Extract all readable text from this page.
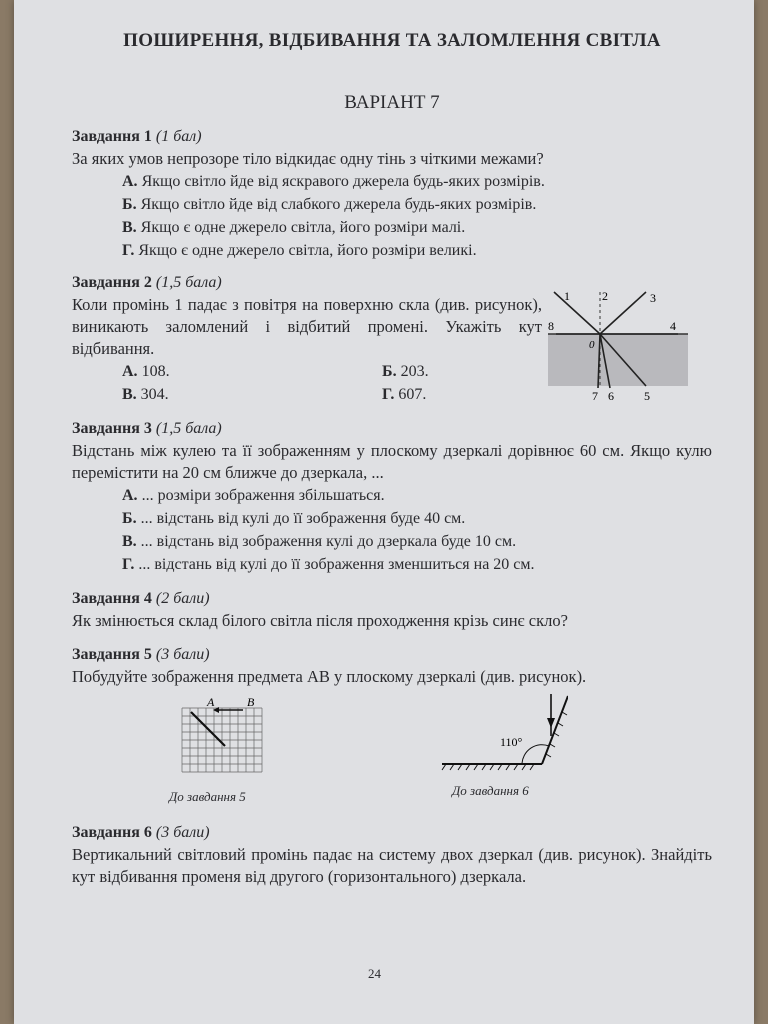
ПОШИРЕННЯ, ВІДБИВАННЯ ТА ЗАЛОМЛЕННЯ СВІТЛА
ВАРІАНТ 7
Завдання 1 (1 бал)
За яких умов непрозоре тіло відкидає одну тінь з чіткими межами?
А. Якщо світло йде від яскравого джерела будь-яких розмірів.
Б. Якщо світло йде від слабкого джерела будь-яких розмірів.
В. Якщо є одне джерело світла, його розміри малі.
Г. Якщо є одне джерело світла, його розміри великі.
Завдання 2 (1,5 бала)
Коли промінь 1 падає з повітря на поверхню скла (див. рисунок), виникають заломлений і відбитий промені. Укажіть кут відбивання.
А. 108.	Б. 203.
В. 304.	Г. 607.
1	2	3
4
8
0
7 6	5
Завдання 3 (1,5 бала)
Відстань між кулею та її зображенням у плоскому дзеркалі дорівнює 60 см. Якщо кулю перемістити на 20 см ближче до дзеркала, ...
А. ... розміри зображення збільшаться.
Б. ... відстань від кулі до її зображення буде 40 см.
В. ... відстань від зображення кулі до дзеркала буде 10 см.
Г. ... відстань від кулі до її зображення зменшиться на 20 см.
Завдання 4 (2 бали)
Як змінюється склад білого світла після проходження крізь синє скло?
Завдання 5 (3 бали)
Побудуйте зображення предмета AB у плоскому дзеркалі (див. рисунок).
A	B
До завдання 5
110°
До завдання 6
Завдання 6 (3 бали)
Вертикальний світловий промінь падає на систему двох дзеркал (див. рисунок). Знайдіть кут відбивання променя від другого (горизонтального) дзеркала.
24
